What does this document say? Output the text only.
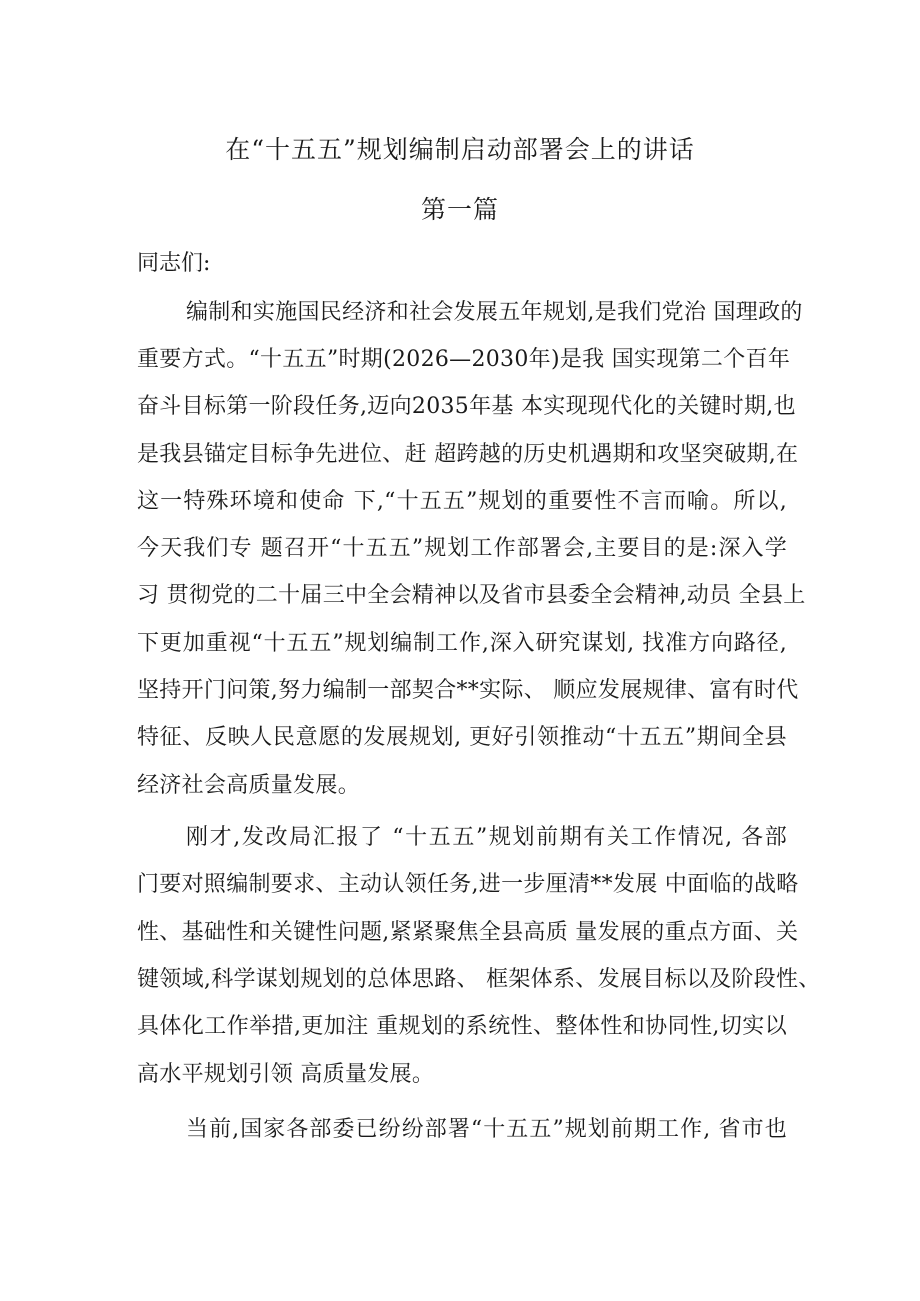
在“十五五”规划编制启动部署会上的讲话
第一篇
同志们:
编制和实施国民经济和社会发展五年规划,是我们党治 国理政的
重要方式。“十五五”时期(2026—2030年)是我 国实现第二个百年
奋斗目标第一阶段任务,迈向2035年基 本实现现代化的关键时期,也
是我县锚定目标争先进位、赶 超跨越的历史机遇期和攻坚突破期,在
这一特殊环境和使命 下,“十五五”规划的重要性不言而喻。所以,
今天我们专 题召开“十五五”规划工作部署会,主要目的是:深入学
习 贯彻党的二十届三中全会精神以及省市县委全会精神,动员 全县上
下更加重视“十五五”规划编制工作,深入研究谋划, 找准方向路径,
坚持开门问策,努力编制一部契合**实际、 顺应发展规律、富有时代
特征、反映人民意愿的发展规划, 更好引领推动“十五五”期间全县
经济社会高质量发展。
刚才,发改局汇报了 “十五五”规划前期有关工作情况, 各部
门要对照编制要求、主动认领任务,进一步厘清**发展 中面临的战略
性、基础性和关键性问题,紧紧聚焦全县高质 量发展的重点方面、关
键领域,科学谋划规划的总体思路、 框架体系、发展目标以及阶段性、
具体化工作举措,更加注 重规划的系统性、整体性和协同性,切实以
高水平规划引领 高质量发展。
当前,国家各部委已纷纷部署“十五五”规划前期工作, 省市也
